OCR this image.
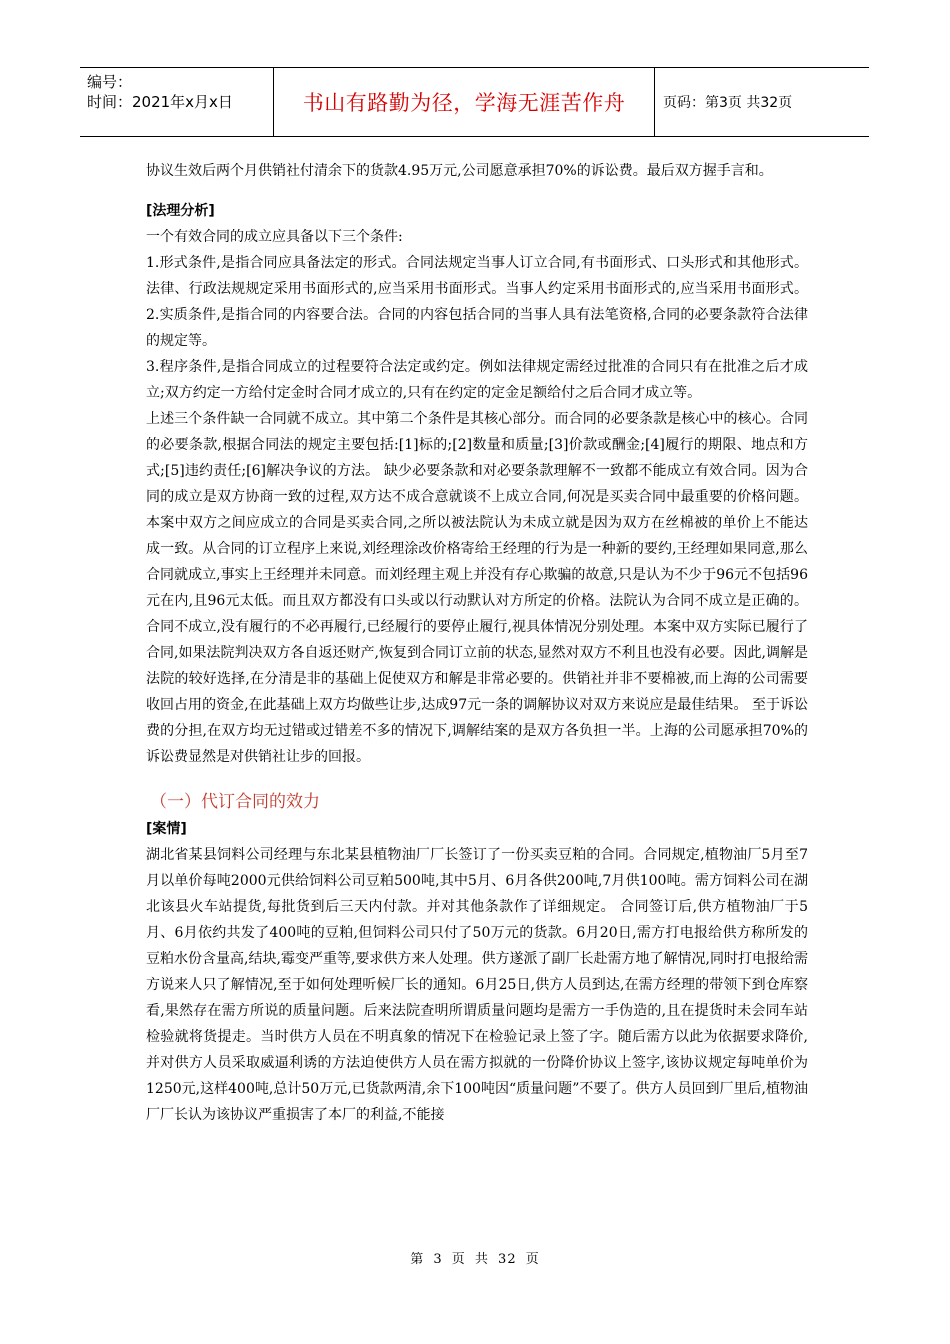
编号：
时间：2021年x月x日	书山有路勤为径，学海无涯苦作舟	页码：第3页 共32页

协议生效后两个月供销社付清余下的货款4.95万元,公司愿意承担70%的诉讼费。最后双方握手言和。

[法理分析]

一个有效合同的成立应具备以下三个条件:

1.形式条件,是指合同应具备法定的形式。合同法规定当事人订立合同,有书面形式、口头形式和其他形式。法律、行政法规规定采用书面形式的,应当采用书面形式。当事人约定采用书面形式的,应当采用书面形式。 2.实质条件,是指合同的内容要合法。合同的内容包括合同的当事人具有法笔资格,合同的必要条款符合法律的规定等。

3.程序条件,是指合同成立的过程要符合法定或约定。例如法律规定需经过批准的合同只有在批准之后才成立;双方约定一方给付定金时合同才成立的,只有在约定的定金足额给付之后合同才成立等。

上述三个条件缺一合同就不成立。其中第二个条件是其核心部分。而合同的必要条款是核心中的核心。合同的必要条款,根据合同法的规定主要包括:[1]标的;[2]数量和质量;[3]价款或酬金;[4]履行的期限、地点和方式;[5]违约责任;[6]解决争议的方法。 缺少必要条款和对必要条款理解不一致都不能成立有效合同。因为合同的成立是双方协商一致的过程,双方达不成合意就谈不上成立合同,何况是买卖合同中最重要的价格问题。 本案中双方之间应成立的合同是买卖合同,之所以被法院认为未成立就是因为双方在丝棉被的单价上不能达成一致。从合同的订立程序上来说,刘经理涂改价格寄给王经理的行为是一种新的要约,王经理如果同意,那么合同就成立,事实上王经理并未同意。而刘经理主观上并没有存心欺骗的故意,只是认为不少于96元不包括96元在内,且96元太低。而且双方都没有口头或以行动默认对方所定的价格。法院认为合同不成立是正确的。 合同不成立,没有履行的不必再履行,已经履行的要停止履行,视具体情况分别处理。本案中双方实际已履行了合同,如果法院判决双方各自返还财产,恢复到合同订立前的状态,显然对双方不利且也没有必要。因此,调解是法院的较好选择,在分清是非的基础上促使双方和解是非常必要的。供销社并非不要棉被,而上海的公司需要收回占用的资金,在此基础上双方均做些让步,达成97元一条的调解协议对双方来说应是最佳结果。 至于诉讼费的分担,在双方均无过错或过错差不多的情况下,调解结案的是双方各负担一半。上海的公司愿承担70%的诉讼费显然是对供销社让步的回报。

（一）代订合同的效力
[案情]

湖北省某县饲料公司经理与东北某县植物油厂厂长签订了一份买卖豆粕的合同。合同规定,植物油厂5月至7月以单价每吨2000元供给饲料公司豆粕500吨,其中5月、6月各供200吨,7月供100吨。需方饲料公司在湖北该县火车站提货,每批货到后三天内付款。并对其他条款作了详细规定。 合同签订后,供方植物油厂于5月、6月依约共发了400吨的豆粕,但饲料公司只付了50万元的货款。6月20日,需方打电报给供方称所发的豆粕水份含量高,结块,霉变严重等,要求供方来人处理。供方遂派了副厂长赴需方地了解情况,同时打电报给需方说来人只了解情况,至于如何处理听候厂长的通知。6月25日,供方人员到达,在需方经理的带领下到仓库察看,果然存在需方所说的质量问题。后来法院查明所谓质量问题均是需方一手伪造的,且在提货时未会同车站检验就将货提走。当时供方人员在不明真象的情况下在检验记录上签了字。随后需方以此为依据要求降价,并对供方人员采取威逼利诱的方法迫使供方人员在需方拟就的一份降价协议上签字,该协议规定每吨单价为1250元,这样400吨,总计50万元,已货款两清,余下100吨因“质量问题”不要了。供方人员回到厂里后,植物油厂厂长认为该协议严重损害了本厂的利益,不能接

第 3 页 共 32 页
